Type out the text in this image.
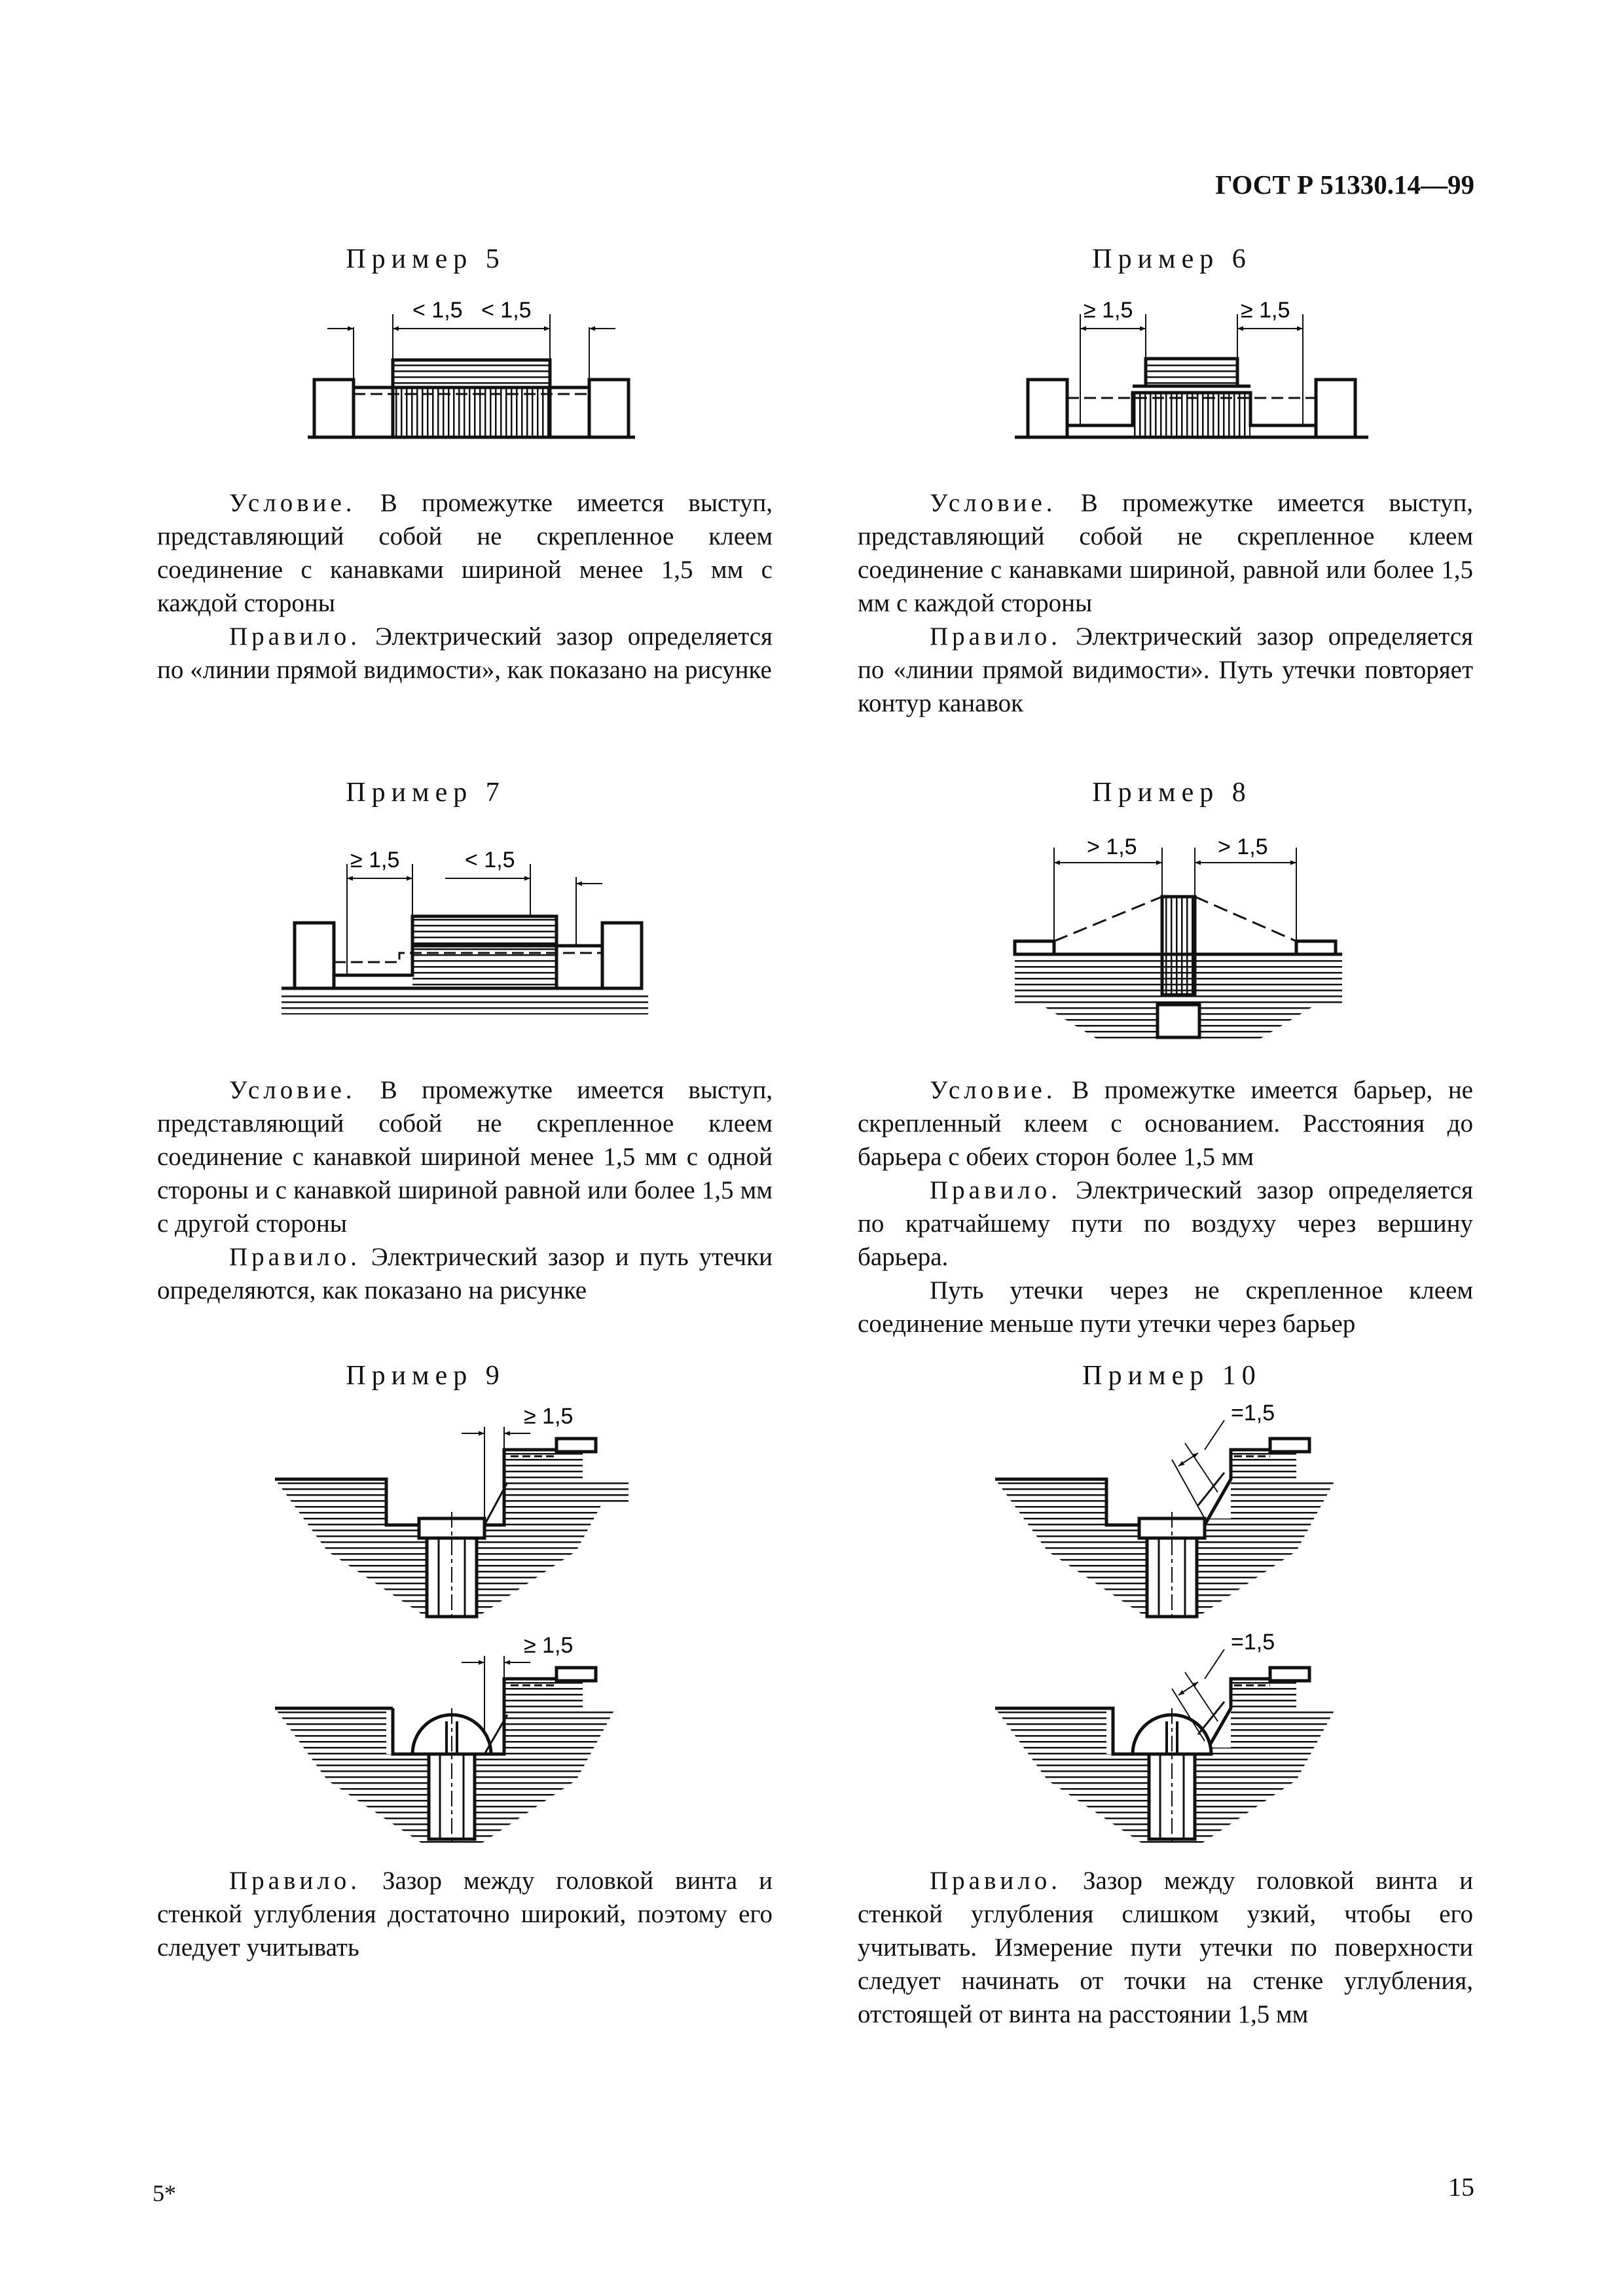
ГОСТ Р 51330.14—99
Пример 5
< 1,5 < 1,5

Условие. В промежутке имеется выступ, представляющий собой не скрепленное клеем соединение с канавками шириной менее 1,5 мм с каждой стороны

Правило. Электрический зазор определяется по «линии прямой видимости», как показано на рисунке

Пример 6
≥ 1,5	≥ 1,5

Условие. В промежутке имеется выступ, представляющий собой не скрепленное клеем соединение с канавками шириной, равной или более 1,5 мм с каждой стороны

Правило. Электрический зазор определяется по «линии прямой видимости». Путь утечки повторяет контур канавок

Пример 7
≥ 1,5	< 1,5

Условие. В промежутке имеется выступ, представляющий собой не скрепленное клеем соединение с канавкой шириной менее 1,5 мм с одной стороны и с канавкой шириной равной или более 1,5 мм с другой стороны

Правило. Электрический зазор и путь утечки определяются, как показано на рисунке

Пример 8
> 1,5	> 1,5

Условие. В промежутке имеется барьер, не скрепленный клеем с основанием. Расстояния до барьера с обеих сторон более 1,5 мм

Правило. Электрический зазор определяется по кратчайшему пути по воздуху через вершину барьера.

Путь утечки через не скрепленное клеем соединение меньше пути утечки через барьер

Пример 9
≥ 1,5
≥ 1,5

Правило. Зазор между головкой винта и стенкой углубления достаточно широкий, поэтому его следует учитывать

Пример 10
=1,5
=1,5

Правило. Зазор между головкой винта и стенкой углубления слишком узкий, чтобы его учитывать. Измерение пути утечки по поверхности следует начинать от точки на стенке углубления, отстоящей от винта на расстоянии 1,5 мм

5*	15
